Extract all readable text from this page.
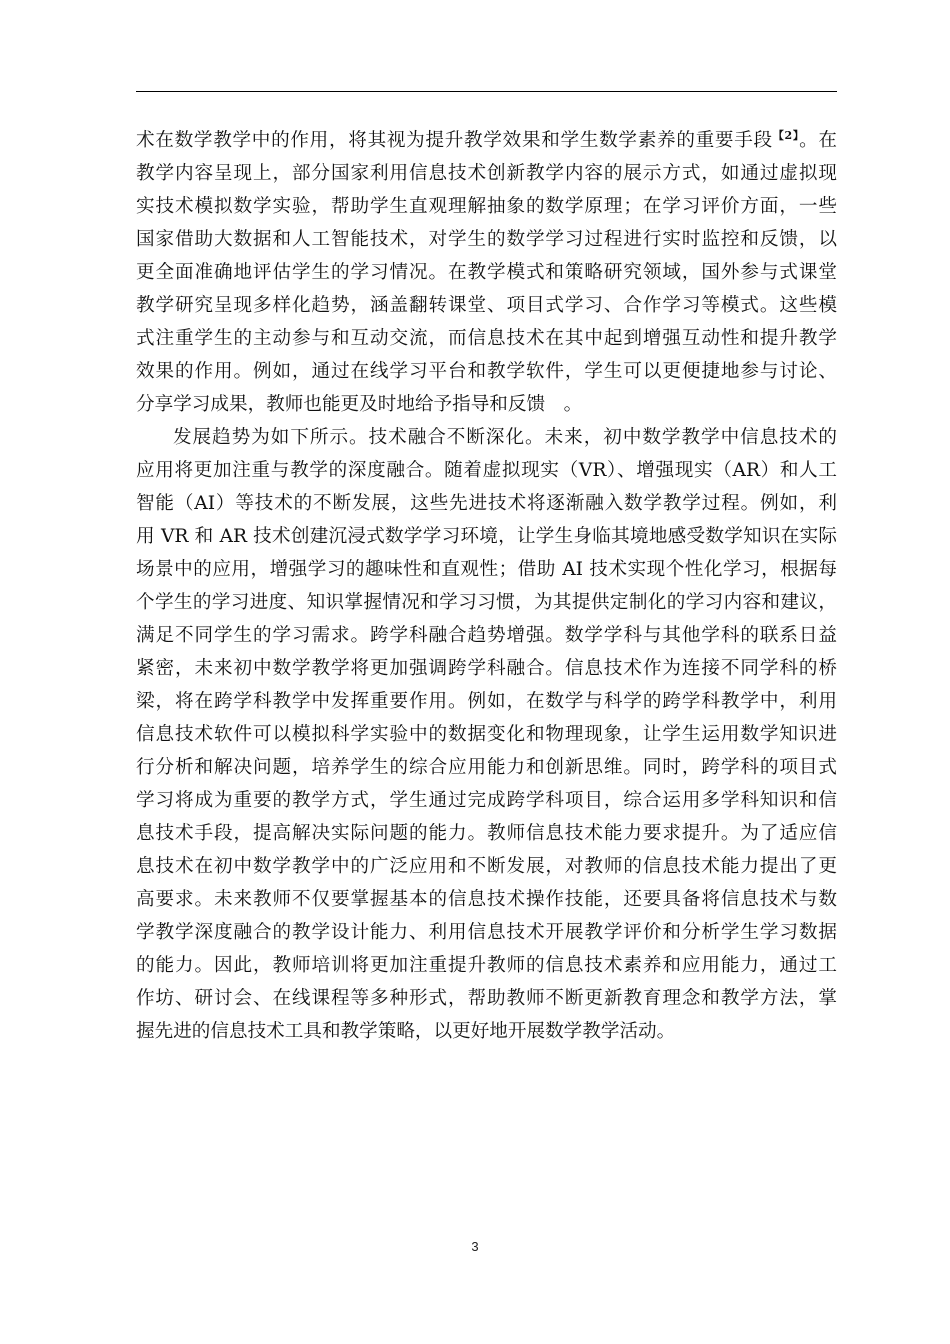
术在数学教学中的作用，将其视为提升教学效果和学生数学素养的重要手段$^{【2】}$。在
教学内容呈现上，部分国家利用信息技术创新教学内容的展示方式，如通过虚拟现
实技术模拟数学实验，帮助学生直观理解抽象的数学原理；在学习评价方面，一些
国家借助大数据和人工智能技术，对学生的数学学习过程进行实时监控和反馈，以
更全面准确地评估学生的学习情况。在教学模式和策略研究领域，国外参与式课堂
教学研究呈现多样化趋势，涵盖翻转课堂、项目式学习、合作学习等模式。这些模
式注重学生的主动参与和互动交流，而信息技术在其中起到增强互动性和提升教学
效果的作用。例如，通过在线学习平台和教学软件，学生可以更便捷地参与讨论、
分享学习成果，教师也能更及时地给予指导和反馈　。
发展趋势为如下所示。技术融合不断深化。未来，初中数学教学中信息技术的
应用将更加注重与教学的深度融合。随着虚拟现实（VR）、增强现实（AR）和人工
智能（AI）等技术的不断发展，这些先进技术将逐渐融入数学教学过程。例如，利
用 VR 和 AR 技术创建沉浸式数学学习环境，让学生身临其境地感受数学知识在实际
场景中的应用，增强学习的趣味性和直观性；借助 AI 技术实现个性化学习，根据每
个学生的学习进度、知识掌握情况和学习习惯，为其提供定制化的学习内容和建议，
满足不同学生的学习需求。跨学科融合趋势增强。数学学科与其他学科的联系日益
紧密，未来初中数学教学将更加强调跨学科融合。信息技术作为连接不同学科的桥
梁，将在跨学科教学中发挥重要作用。例如，在数学与科学的跨学科教学中，利用
信息技术软件可以模拟科学实验中的数据变化和物理现象，让学生运用数学知识进
行分析和解决问题，培养学生的综合应用能力和创新思维。同时，跨学科的项目式
学习将成为重要的教学方式，学生通过完成跨学科项目，综合运用多学科知识和信
息技术手段，提高解决实际问题的能力。教师信息技术能力要求提升。为了适应信
息技术在初中数学教学中的广泛应用和不断发展，对教师的信息技术能力提出了更
高要求。未来教师不仅要掌握基本的信息技术操作技能，还要具备将信息技术与数
学教学深度融合的教学设计能力、利用信息技术开展教学评价和分析学生学习数据
的能力。因此，教师培训将更加注重提升教师的信息技术素养和应用能力，通过工
作坊、研讨会、在线课程等多种形式，帮助教师不断更新教育理念和教学方法，掌
握先进的信息技术工具和教学策略，以更好地开展数学教学活动。
3
